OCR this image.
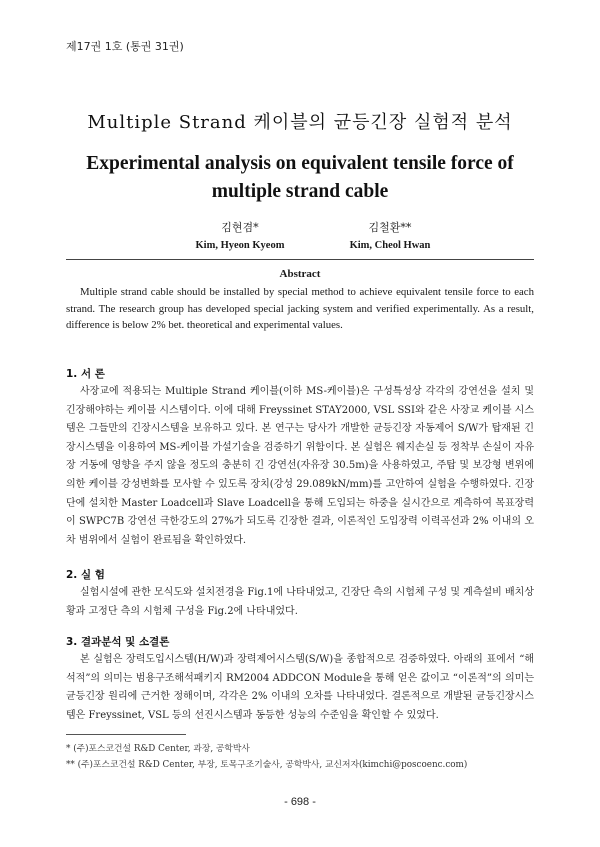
제17권 1호 (통권 31권)
Multiple Strand 케이블의 균등긴장 실험적 분석
Experimental analysis on equivalent tensile force of multiple strand cable
김현겸*
Kim, Hyeon Kyeom
김철환**
Kim, Cheol Hwan
Abstract
Multiple strand cable should be installed by special method to achieve equivalent tensile force to each strand. The research group has developed special jacking system and verified experimentally. As a result, difference is below 2% bet. theoretical and experimental values.
1. 서 론
사장교에 적용되는 Multiple Strand 케이블(이하 MS-케이블)은 구성특성상 각각의 강연선을 설치 및 긴장해야하는 케이블 시스템이다. 이에 대해 Freyssinet STAY2000, VSL SSI와 같은 사장교 케이블 시스템은 그들만의 긴장시스템을 보유하고 있다. 본 연구는 당사가 개발한 균등긴장 자동제어 S/W가 탑재된 긴장시스템을 이용하여 MS-케이블 가설기술을 검증하기 위함이다. 본 실험은 웨지손실 등 정착부 손실이 자유장 거동에 영향을 주지 않을 정도의 충분히 긴 강연선(자유장 30.5m)을 사용하였고, 주탑 및 보강형 변위에 의한 케이블 강성변화를 모사할 수 있도록 장치(강성 29.089kN/mm)를 고안하여 실험을 수행하였다. 긴장단에 설치한 Master Loadcell과 Slave Loadcell을 통해 도입되는 하중을 실시간으로 계측하여 목표장력이 SWPC7B 강연선 극한강도의 27%가 되도록 긴장한 결과, 이론적인 도입장력 이력곡선과 2% 이내의 오차 범위에서 실험이 완료됨을 확인하였다.
2. 실 험
실험시설에 관한 모식도와 설치전경을 Fig.1에 나타내었고, 긴장단 측의 시험체 구성 및 계측설비 배치상황과 고정단 측의 시험체 구성을 Fig.2에 나타내었다.
3. 결과분석 및 소결론
본 실험은 장력도입시스템(H/W)과 장력제어시스템(S/W)을 종합적으로 검증하였다. 아래의 표에서 “해석적”의 의미는 범용구조해석패키지 RM2004 ADDCON Module을 통해 얻은 값이고 “이론적”의 의미는 균등긴장 원리에 근거한 정해이며, 각각은 2% 이내의 오차를 나타내었다. 결론적으로 개발된 균등긴장시스템은 Freyssinet, VSL 등의 선진시스템과 동등한 성능의 수준임을 확인할 수 있었다.
* (주)포스코건설 R&D Center, 과장, 공학박사
** (주)포스코건설 R&D Center, 부장, 토목구조기술사, 공학박사, 교신저자(kimchi@poscoenc.com)
- 698 -
